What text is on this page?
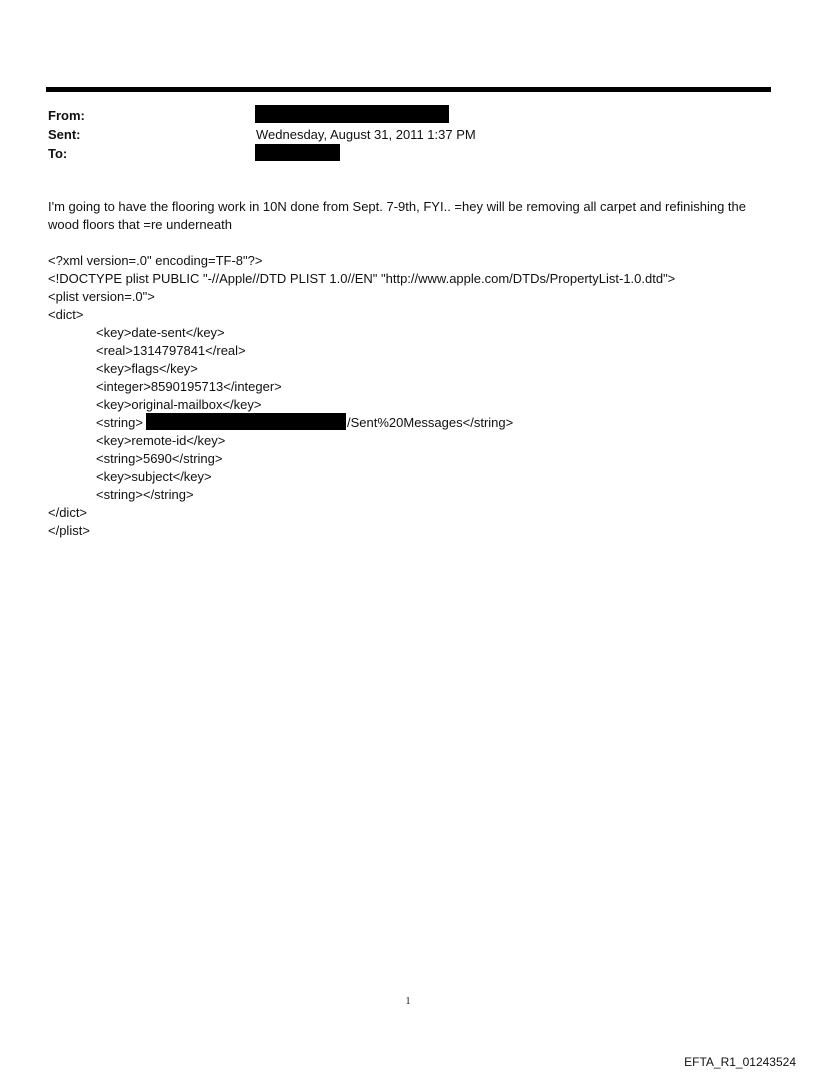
From:
Sent:	Wednesday, August 31, 2011 1:37 PM
To:
I'm going to have the flooring work in 10N done from Sept. 7-9th, FYI.. =hey will be removing all carpet and refinishing the wood floors that =re underneath
<?xml version=.0" encoding=TF-8"?>
<!DOCTYPE plist PUBLIC "-//Apple//DTD PLIST 1.0//EN" "http://www.apple.com/DTDs/PropertyList-1.0.dtd">
<plist version=.0">
<dict>
<key>date-sent</key>
<real>1314797841</real>
<key>flags</key>
<integer>8590195713</integer>
<key>original-mailbox</key>
<string>	/Sent%20Messages</string>
<key>remote-id</key>
<string>5690</string>
<key>subject</key>
<string></string>
</dict>
</plist>
1
EFTA_R1_01243524
